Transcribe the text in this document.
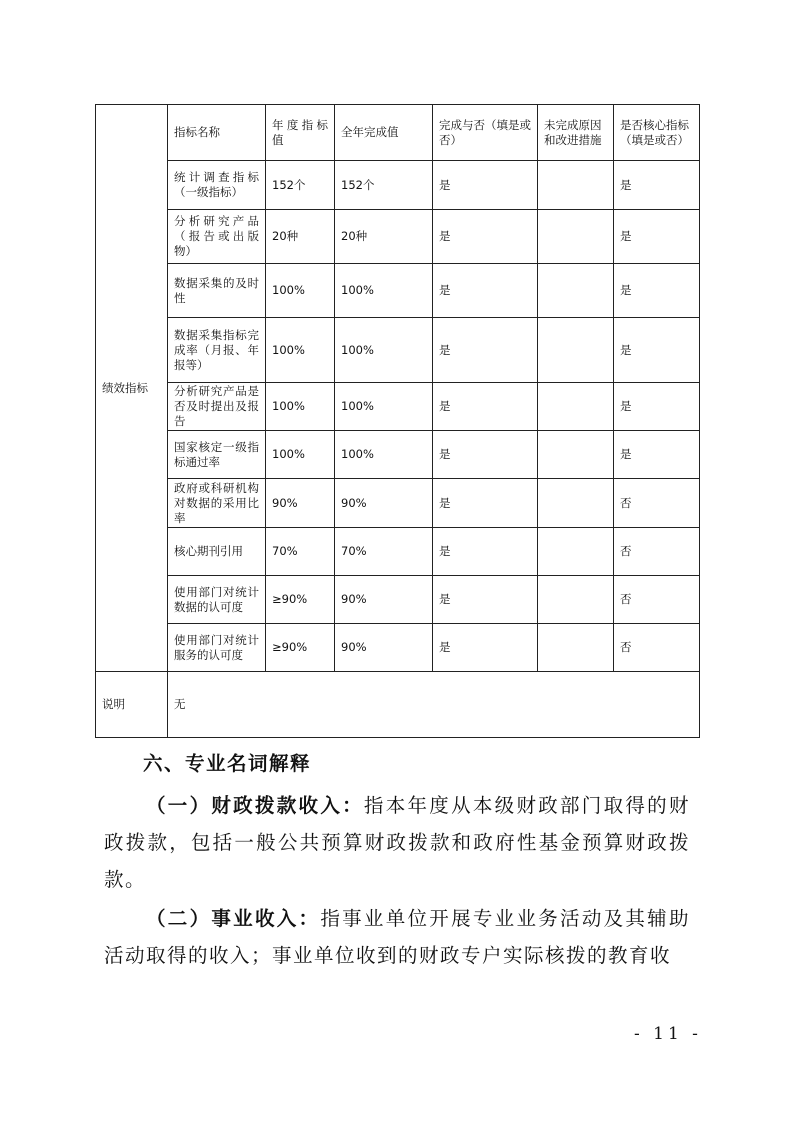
绩效指标	指标名称	年度指标值	全年完成值	完成与否（填是或否）	未完成原因和改进措施	是否核心指标（填是或否）
	统计调查指标（一级指标）	152个	152个	是		是
	分析研究产品（报告或出版物）	20种	20种	是		是
	数据采集的及时性	100%	100%	是		是
	数据采集指标完成率（月报、年报等）	100%	100%	是		是
	分析研究产品是否及时提出及报告	100%	100%	是		是
	国家核定一级指标通过率	100%	100%	是		是
	政府或科研机构对数据的采用比率	90%	90%	是		否
	核心期刊引用	70%	70%	是		否
	使用部门对统计数据的认可度	≥90%	90%	是		否
	使用部门对统计服务的认可度	≥90%	90%	是		否
说明	无					
六、专业名词解释
（一）财政拨款收入：指本年度从本级财政部门取得的财政拨款，包括一般公共预算财政拨款和政府性基金预算财政拨款。
（二）事业收入：指事业单位开展专业业务活动及其辅助活动取得的收入；事业单位收到的财政专户实际核拨的教育收
- 11 -
